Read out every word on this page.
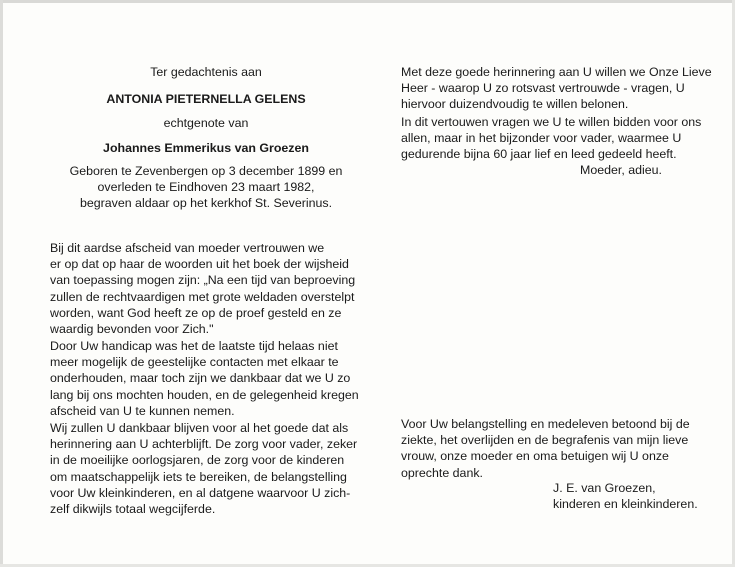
Ter gedachtenis aan
ANTONIA PIETERNELLA GELENS
echtgenote van
Johannes Emmerikus van Groezen
Geboren te Zevenbergen op 3 december 1899 en
overleden te Eindhoven 23 maart 1982,
begraven aldaar op het kerkhof St. Severinus.
Bij dit aardse afscheid van moeder vertrouwen we
er op dat op haar de woorden uit het boek der wijsheid
van toepassing mogen zijn: „Na een tijd van beproeving
zullen de rechtvaardigen met grote weldaden overstelpt
worden, want God heeft ze op de proef gesteld en ze
waardig bevonden voor Zich."
Door Uw handicap was het de laatste tijd helaas niet
meer mogelijk de geestelijke contacten met elkaar te
onderhouden, maar toch zijn we dankbaar dat we U zo
lang bij ons mochten houden, en de gelegenheid kregen
afscheid van U te kunnen nemen.
Wij zullen U dankbaar blijven voor al het goede dat als
herinnering aan U achterblijft. De zorg voor vader, zeker
in de moeilijke oorlogsjaren, de zorg voor de kinderen
om maatschappelijk iets te bereiken, de belangstelling
voor Uw kleinkinderen, en al datgene waarvoor U zich-
zelf dikwijls totaal wegcijferde.
Met deze goede herinnering aan U willen we Onze Lieve
Heer - waarop U zo rotsvast vertrouwde - vragen, U
hiervoor duizendvoudig te willen belonen.
In dit vertouwen vragen we U te willen bidden voor ons
allen, maar in het bijzonder voor vader, waarmee U
gedurende bijna 60 jaar lief en leed gedeeld heeft.
Moeder, adieu.
Voor Uw belangstelling en medeleven betoond bij de
ziekte, het overlijden en de begrafenis van mijn lieve
vrouw, onze moeder en oma betuigen wij U onze
oprechte dank.
J. E. van Groezen,
kinderen en kleinkinderen.
